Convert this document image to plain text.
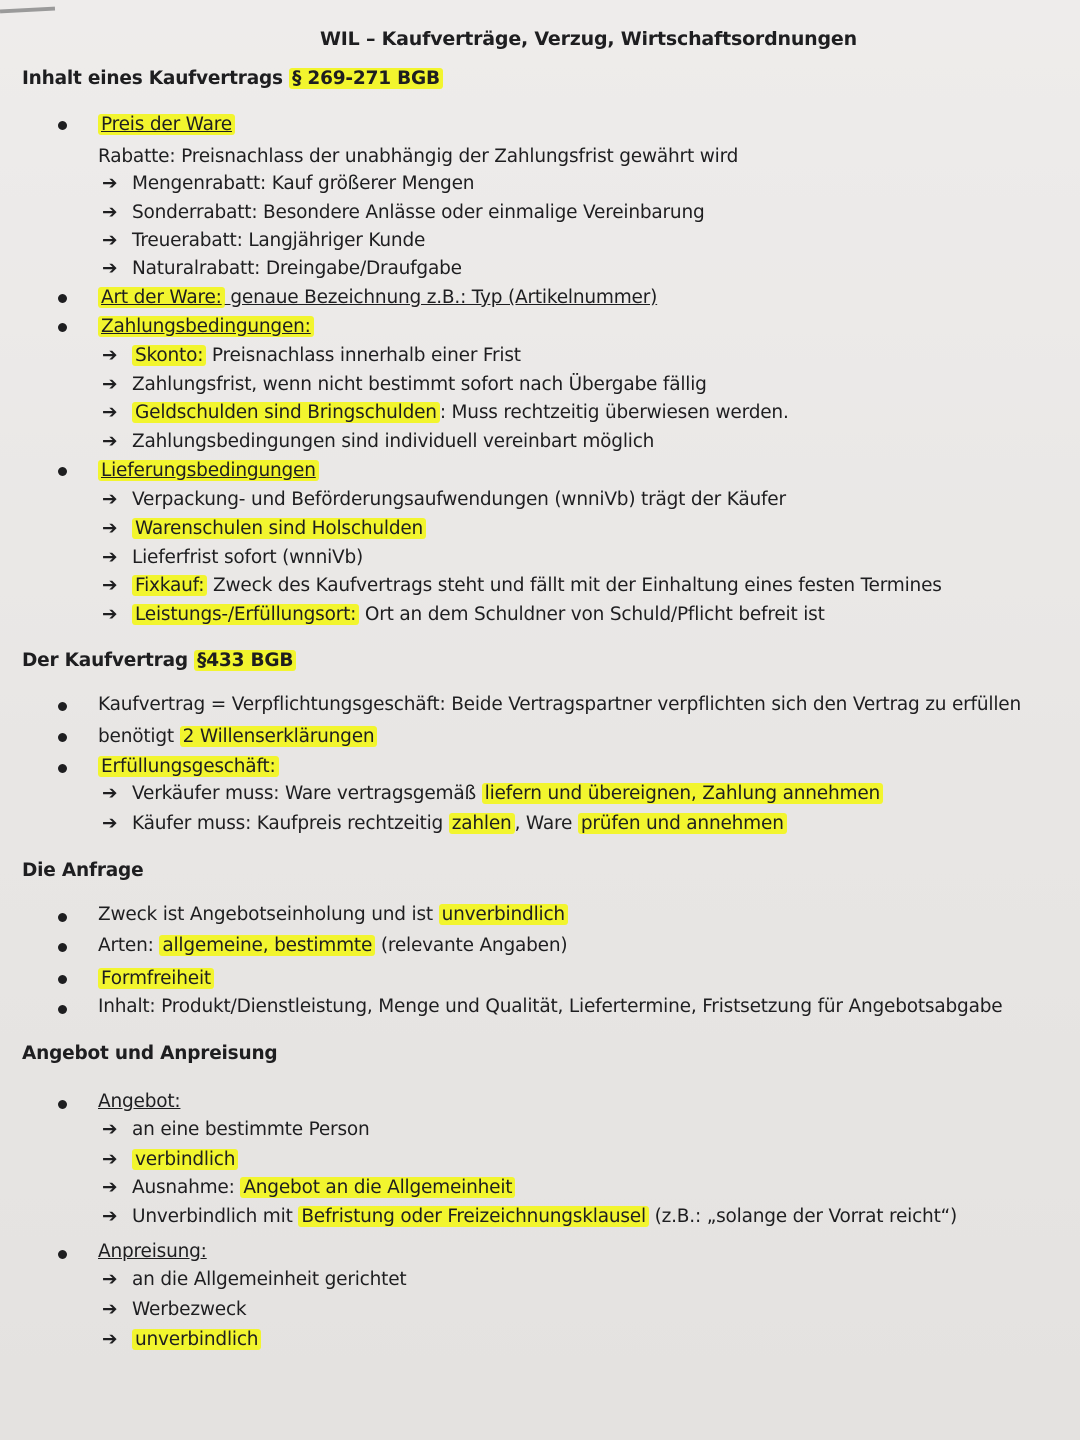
WIL – Kaufverträge, Verzug, Wirtschaftsordnungen
Inhalt eines Kaufvertrags § 269-271 BGB
Preis der Ware
Rabatte: Preisnachlass der unabhängig der Zahlungsfrist gewährt wird
➔ Mengenrabatt: Kauf größerer Mengen
➔ Sonderrabatt: Besondere Anlässe oder einmalige Vereinbarung
➔ Treuerabatt: Langjähriger Kunde
➔ Naturalrabatt: Dreingabe/Draufgabe
Art der Ware: genaue Bezeichnung z.B.: Typ (Artikelnummer)
Zahlungsbedingungen:
➔ Skonto: Preisnachlass innerhalb einer Frist
➔ Zahlungsfrist, wenn nicht bestimmt sofort nach Übergabe fällig
➔ Geldschulden sind Bringschulden : Muss rechtzeitig überwiesen werden.
➔ Zahlungsbedingungen sind individuell vereinbart möglich
Lieferungsbedingungen
➔ Verpackung- und Beförderungsaufwendungen (wnniVb) trägt der Käufer
➔ Warenschulen sind Holschulden
➔ Lieferfrist sofort (wnniVb)
➔ Fixkauf: Zweck des Kaufvertrags steht und fällt mit der Einhaltung eines festen Termines
➔ Leistungs-/Erfüllungsort: Ort an dem Schuldner von Schuld/Pflicht befreit ist
Der Kaufvertrag §433 BGB
Kaufvertrag = Verpflichtungsgeschäft: Beide Vertragspartner verpflichten sich den Vertrag zu erfüllen
benötigt 2 Willenserklärungen
Erfüllungsgeschäft:
➔ Verkäufer muss: Ware vertragsgemäß liefern und übereignen, Zahlung annehmen
➔ Käufer muss: Kaufpreis rechtzeitig zahlen , Ware prüfen und annehmen
Die Anfrage
Zweck ist Angebotseinholung und ist unverbindlich
Arten: allgemeine, bestimmte (relevante Angaben)
Formfreiheit
Inhalt: Produkt/Dienstleistung, Menge und Qualität, Liefertermine, Fristsetzung für Angebotsabgabe
Angebot und Anpreisung
Angebot:
➔ an eine bestimmte Person
➔ verbindlich
➔ Ausnahme: Angebot an die Allgemeinheit
➔ Unverbindlich mit Befristung oder Freizeichnungsklausel (z.B.: „solange der Vorrat reicht“)
Anpreisung:
➔ an die Allgemeinheit gerichtet
➔ Werbezweck
➔ unverbindlich
